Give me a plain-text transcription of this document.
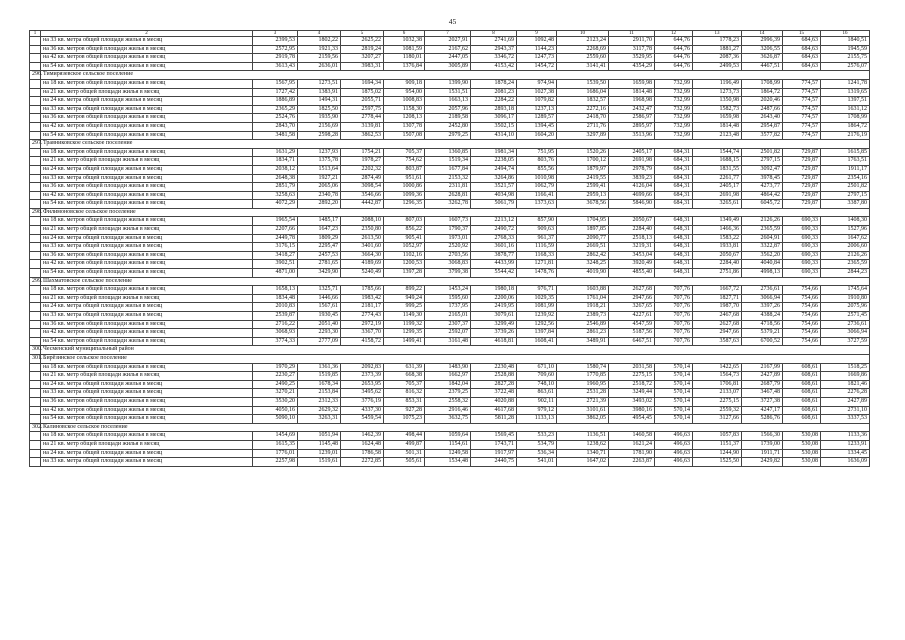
45
1	2	3	4	5	6	7	8	9	10	11	12	13	14	15	16
	на 33 кв. метра общей площади жилья в месяц	2399,53	1802,22	2625,22	1032,38	2027,91	2741,69	1092,48	2123,24	2911,70	644,76	1778,23	2996,39	684,63	1840,51
	на 36 кв. метров общей площади жилья в месяц	2572,95	1921,33	2819,24	1081,59	2167,62	2943,37	1144,23	2268,69	3117,78	644,76	1881,27	3206,55	684,63	1945,59
	на 42 кв. метров общей площади жилья в месяц	2919,78	2159,56	3207,27	1180,01	2447,05	3346,72	1247,73	2559,60	3529,95	644,76	2087,36	3626,87	684,63	2155,75
	на 54 кв. метров общей площади жилья в месяц	3613,43	2636,01	3983,31	1376,84	3005,89	4153,42	1454,72	3141,41	4354,29	644,76	2499,53	4467,51	684,63	2576,07
296.	Тимирязевское сельское поселение														
	на 18 кв. метров общей площади жилья в месяц	1567,95	1273,51	1694,34	909,18	1399,90	1878,24	974,94	1539,50	1659,98	732,99	1196,49	1708,99	774,57	1241,78
	на 21 кв. метр общей площади жилья в месяц	1727,42	1383,91	1875,02	954,00	1531,51	2081,23	1027,38	1686,04	1814,48	732,99	1273,73	1864,72	774,57	1319,65
	на 24 кв. метра общей площади жилья в месяц	1886,89	1494,31	2055,71	1008,83	1663,13	2284,22	1079,82	1832,57	1968,98	732,99	1350,98	2020,46	774,57	1397,51
	на 33 кв. метра общей площади жилья в месяц	2365,29	1825,50	2597,75	1158,30	2057,96	2893,18	1237,13	2272,16	2432,47	732,99	1582,73	2487,66	774,57	1631,12
	на 36 кв. метров общей площади жилья в месяц	2524,76	1935,90	2778,44	1208,13	2189,58	3096,17	1289,57	2418,70	2586,97	732,99	1659,98	2643,40	774,57	1708,99
	на 42 кв. метров общей площади жилья в месяц	2843,70	2156,69	3139,81	1307,78	2452,80	3502,15	1394,45	2711,76	2895,97	732,99	1814,48	2954,87	774,57	1864,72
	на 54 кв. метров общей площади жилья в месяц	3481,58	2598,28	3862,53	1507,08	2979,25	4314,10	1604,20	3297,89	3513,96	732,99	2123,48	3577,82	774,57	2176,19
297.	Травниковское сельское поселение														
	на 18 кв. метров общей площади жилья в месяц	1631,29	1237,93	1754,21	705,37	1360,85	1981,34	751,95	1520,26	2405,17	684,31	1544,74	2501,82	729,87	1615,85
	на 21 кв. метр общей площади жилья в месяц	1834,71	1375,78	1978,27	754,62	1519,34	2238,05	803,76	1700,12	2691,98	684,31	1688,15	2797,15	729,87	1763,51
	на 24 кв. метра общей площади жилья в месяц	2038,12	1513,64	2202,32	803,87	1677,84	2494,74	855,56	1879,97	2978,79	684,31	1831,55	3092,47	729,87	1911,17
	на 33 кв. метра общей площади жилья в месяц	2648,38	1927,21	2874,49	951,61	2153,32	3264,86	1010,98	2419,55	3839,23	684,31	2261,77	3978,45	729,87	2354,16
	на 36 кв. метров общей площади жилья в месяц	2851,79	2065,06	3098,54	1000,86	2311,81	3521,57	1062,79	2599,41	4126,04	684,31	2405,17	4273,77	729,87	2501,82
	на 42 кв. метров общей площади жилья в месяц	3258,63	2340,78	3546,66	1099,36	2628,81	4034,98	1166,41	2959,13	4699,66	684,31	2691,98	4864,42	729,87	2797,15
	на 54 кв. метров общей площади жилья в месяц	4072,29	2892,20	4442,87	1296,35	3262,78	5061,79	1373,63	3678,56	5846,90	684,31	3265,61	6045,72	729,87	3387,80
298.	Филимоновское сельское поселение														
	на 18 кв. метров общей площади жилья в месяц	1965,54	1485,17	2088,10	807,03	1607,73	2213,12	857,90	1704,95	2050,67	648,31	1349,49	2126,26	690,33	1408,30
	на 21 кв. метр общей площади жилья в месяц	2207,66	1647,23	2350,80	856,22	1790,37	2490,72	909,63	1897,85	2284,40	648,31	1466,36	2365,59	690,33	1527,96
	на 24 кв. метра общей площади жилья в месяц	2449,78	1809,29	2613,50	905,41	1973,01	2768,33	961,37	2090,77	2518,13	648,31	1583,22	2604,91	690,33	1647,62
	на 33 кв. метра общей площади жилья в месяц	3176,15	2295,47	3401,60	1052,97	2520,92	3601,16	1116,59	2669,51	3219,31	648,31	1933,81	3322,87	690,33	2006,60
	на 36 кв. метров общей площади жилья в месяц	3418,27	2457,53	3664,30	1102,16	2703,56	3878,77	1168,33	2862,42	3453,04	648,31	2050,67	3562,20	690,33	2126,26
	на 42 кв. метров общей площади жилья в месяц	3902,51	2781,65	4189,69	1200,53	3068,83	4433,99	1271,81	3248,25	3920,49	648,31	2284,40	4040,84	690,33	2365,59
	на 54 кв. метров общей площади жилья в месяц	4871,00	3429,90	5240,49	1397,28	3799,38	5544,42	1478,76	4019,90	4855,40	648,31	2751,86	4998,13	690,33	2844,23
299.	Шахматовское сельское поселение														
	на 18 кв. метров общей площади жилья в месяц	1658,13	1325,71	1785,66	899,22	1453,24	1980,18	976,71	1603,88	2627,68	707,76	1667,72	2736,61	754,66	1745,64
	на 21 кв. метр общей площади жилья в месяц	1834,48	1446,66	1983,42	949,24	1595,60	2200,06	1029,35	1761,04	2947,66	707,76	1827,71	3066,94	754,66	1910,80
	на 24 кв. метра общей площади жилья в месяц	2010,83	1567,61	2181,17	999,25	1737,95	2419,95	1081,99	1918,21	3267,65	707,76	1987,70	3397,26	754,66	2075,96
	на 33 кв. метра общей площади жилья в месяц	2539,87	1930,45	2774,43	1149,30	2165,01	3079,61	1239,92	2389,73	4227,61	707,76	2467,68	4388,24	754,66	2571,45
	на 36 кв. метров общей площади жилья в месяц	2716,22	2051,40	2972,19	1199,32	2307,37	3299,49	1292,56	2546,89	4547,59	707,76	2627,68	4718,56	754,66	2736,61
	на 42 кв. метров общей площади жилья в месяц	3068,93	2293,30	3367,70	1299,35	2592,07	3739,26	1397,84	2861,23	5187,56	707,76	2947,66	5379,21	754,66	3066,94
	на 54 кв. метров общей площади жилья в месяц	3774,33	2777,09	4158,72	1499,41	3161,48	4618,81	1608,41	3489,91	6467,51	707,76	3587,63	6700,52	754,66	3727,59
300.	Чесменский муниципальный район														
301.	Бирёзинское сельское поселение														
	на 18 кв. метров общей площади жилья в месяц	1970,29	1361,36	2092,83	631,39	1483,90	2230,48	671,10	1580,74	2031,58	570,14	1422,65	2167,99	608,61	1518,25
	на 21 кв. метр общей площади жилья в месяц	2230,27	1519,85	2373,39	668,38	1662,97	2528,88	709,60	1770,85	2275,15	570,14	1564,73	2427,89	608,61	1669,86
	на 24 кв. метра общей площади жилья в месяц	2490,25	1678,34	2653,95	705,37	1842,04	2827,28	748,10	1960,95	2518,72	570,14	1706,81	2687,79	608,61	1821,46
	на 33 кв. метра общей площади жилья в месяц	3270,21	2153,84	3495,62	816,32	2379,25	3722,48	863,61	2531,28	3249,44	570,14	2133,07	3467,48	608,61	2276,28
	на 36 кв. метров общей площади жилья в месяц	3530,20	2312,33	3776,19	853,31	2558,32	4020,88	902,11	2721,39	3493,02	570,14	2275,15	3727,38	608,61	2427,89
	на 42 кв. метров общей площади жилья в месяц	4050,16	2629,32	4337,30	927,28	2916,46	4617,68	979,12	3101,61	3980,16	570,14	2559,32	4247,17	608,61	2731,10
	на 54 кв. метров общей площади жилья в месяц	5090,10	3263,31	5459,54	1075,23	3632,75	5811,28	1133,13	3862,05	4954,45	570,14	3127,66	5286,76	608,61	3337,53
302.	Калиновское сельское поселение														
	на 18 кв. метров общей площади жилья в месяц	1454,69	1051,94	1462,39	498,44	1059,64	1569,45	533,23	1136,51	1460,58	496,63	1057,83	1566,30	530,08	1133,36
	на 21 кв. метр общей площади жилья в месяц	1615,35	1145,48	1624,48	499,87	1154,61	1743,71	534,79	1238,62	1621,24	496,63	1151,37	1739,00	530,08	1233,91
	на 24 кв. метра общей площади жилья в месяц	1776,01	1239,01	1786,58	501,31	1249,58	1917,97	536,34	1340,71	1781,90	496,63	1244,90	1911,71	530,08	1334,45
	на 33 кв. метра общей площади жилья в месяц	2257,98	1519,61	2272,85	505,61	1534,48	2440,75	541,01	1647,02	2263,87	496,63	1525,50	2429,82	530,08	1636,09
